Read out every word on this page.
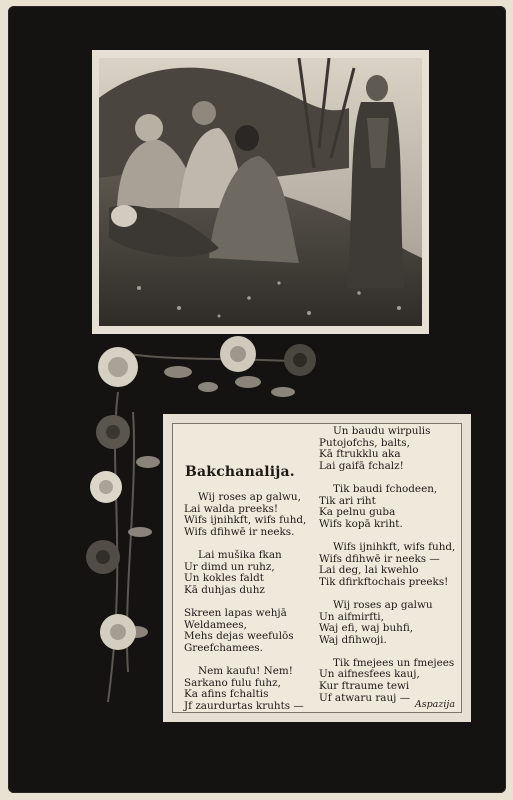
Bakchanalija.
Wij roses ap galwu,
Lai walda preeks!
Wifs ijnihkft, wifs fuhd,
Wifs dfihwē ir neeks.
Lai mušika fkan
Ur dimd un ruhz,
Un kokles faldt
Kā duhjas duhz
Skreen lapas wehjā
Weldamees,
Mehs dejas weefulōs
Greefchamees.
Nem kaufu! Nem!
Sarkano fulu fuhz,
Ka afins fchaltis
Jf zaurdurtas kruhts —
Un baudu wirpulis
Putojofchs, balts,
Kā ftrukklu aka
Lai gaifā fchalz!
Tik baudi fchodeen,
Tik ari riht
Ka pelnu guba
Wifs kopā kriht.
Wifs ijnihkft, wifs fuhd,
Wifs dfihwē ir neeks —
Lai deg, lai kwehlo
Tik dfirkftochais preeks!
Wij roses ap galwu
Un aifmirfti,
Waj efi, waj buhfi,
Waj dfihwoji.
Tik fmejees un fmejees
Un aifnesfees kauj,
Kur ftraume tewi
Uf atwaru rauj —
Aspazija
